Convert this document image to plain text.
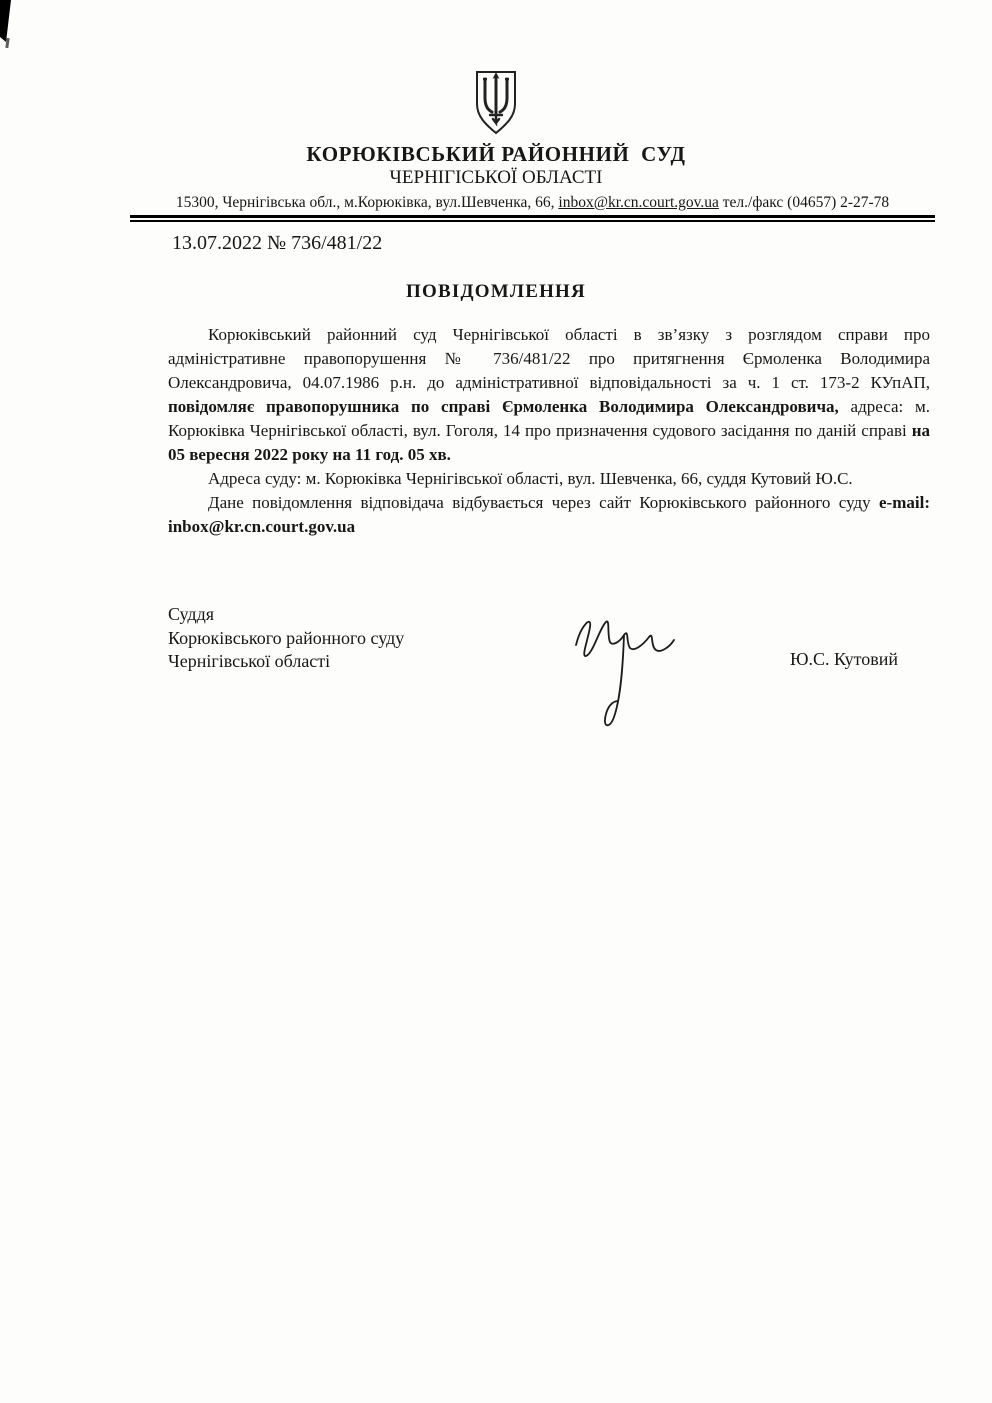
КОРЮКІВСЬКИЙ РАЙОННИЙ  СУД
ЧЕРНІГІСЬКОЇ ОБЛАСТІ
15300, Чернігівська обл., м.Корюківка, вул.Шевченка, 66, inbox@kr.cn.court.gov.ua тел./факс (04657) 2-27-78
13.07.2022 № 736/481/22
ПОВІДОМЛЕННЯ

Корюківський районний суд Чернігівської області в зв’язку з розглядом справи про адміністративне правопорушення № 736/481/22 про притягнення Єрмоленка Володимира Олександровича, 04.07.1986 р.н. до адміністративної відповідальності за ч. 1 ст. 173-2 КУпАП, повідомляє правопорушника по справі Єрмоленка Володимира Олександровича, адреса: м. Корюківка Чернігівської області, вул. Гоголя, 14 про призначення судового засідання по даній справі на 05 вересня 2022 року на 11 год. 05 хв.

Адреса суду: м. Корюківка Чернігівської області, вул. Шевченка, 66, суддя Кутовий Ю.С.

Дане повідомлення відповідача відбувається через сайт Корюківського районного суду e-mail: inbox@kr.cn.court.gov.ua

Суддя
Корюківського районного суду
Чернігівської області	Ю.С. Кутовий
